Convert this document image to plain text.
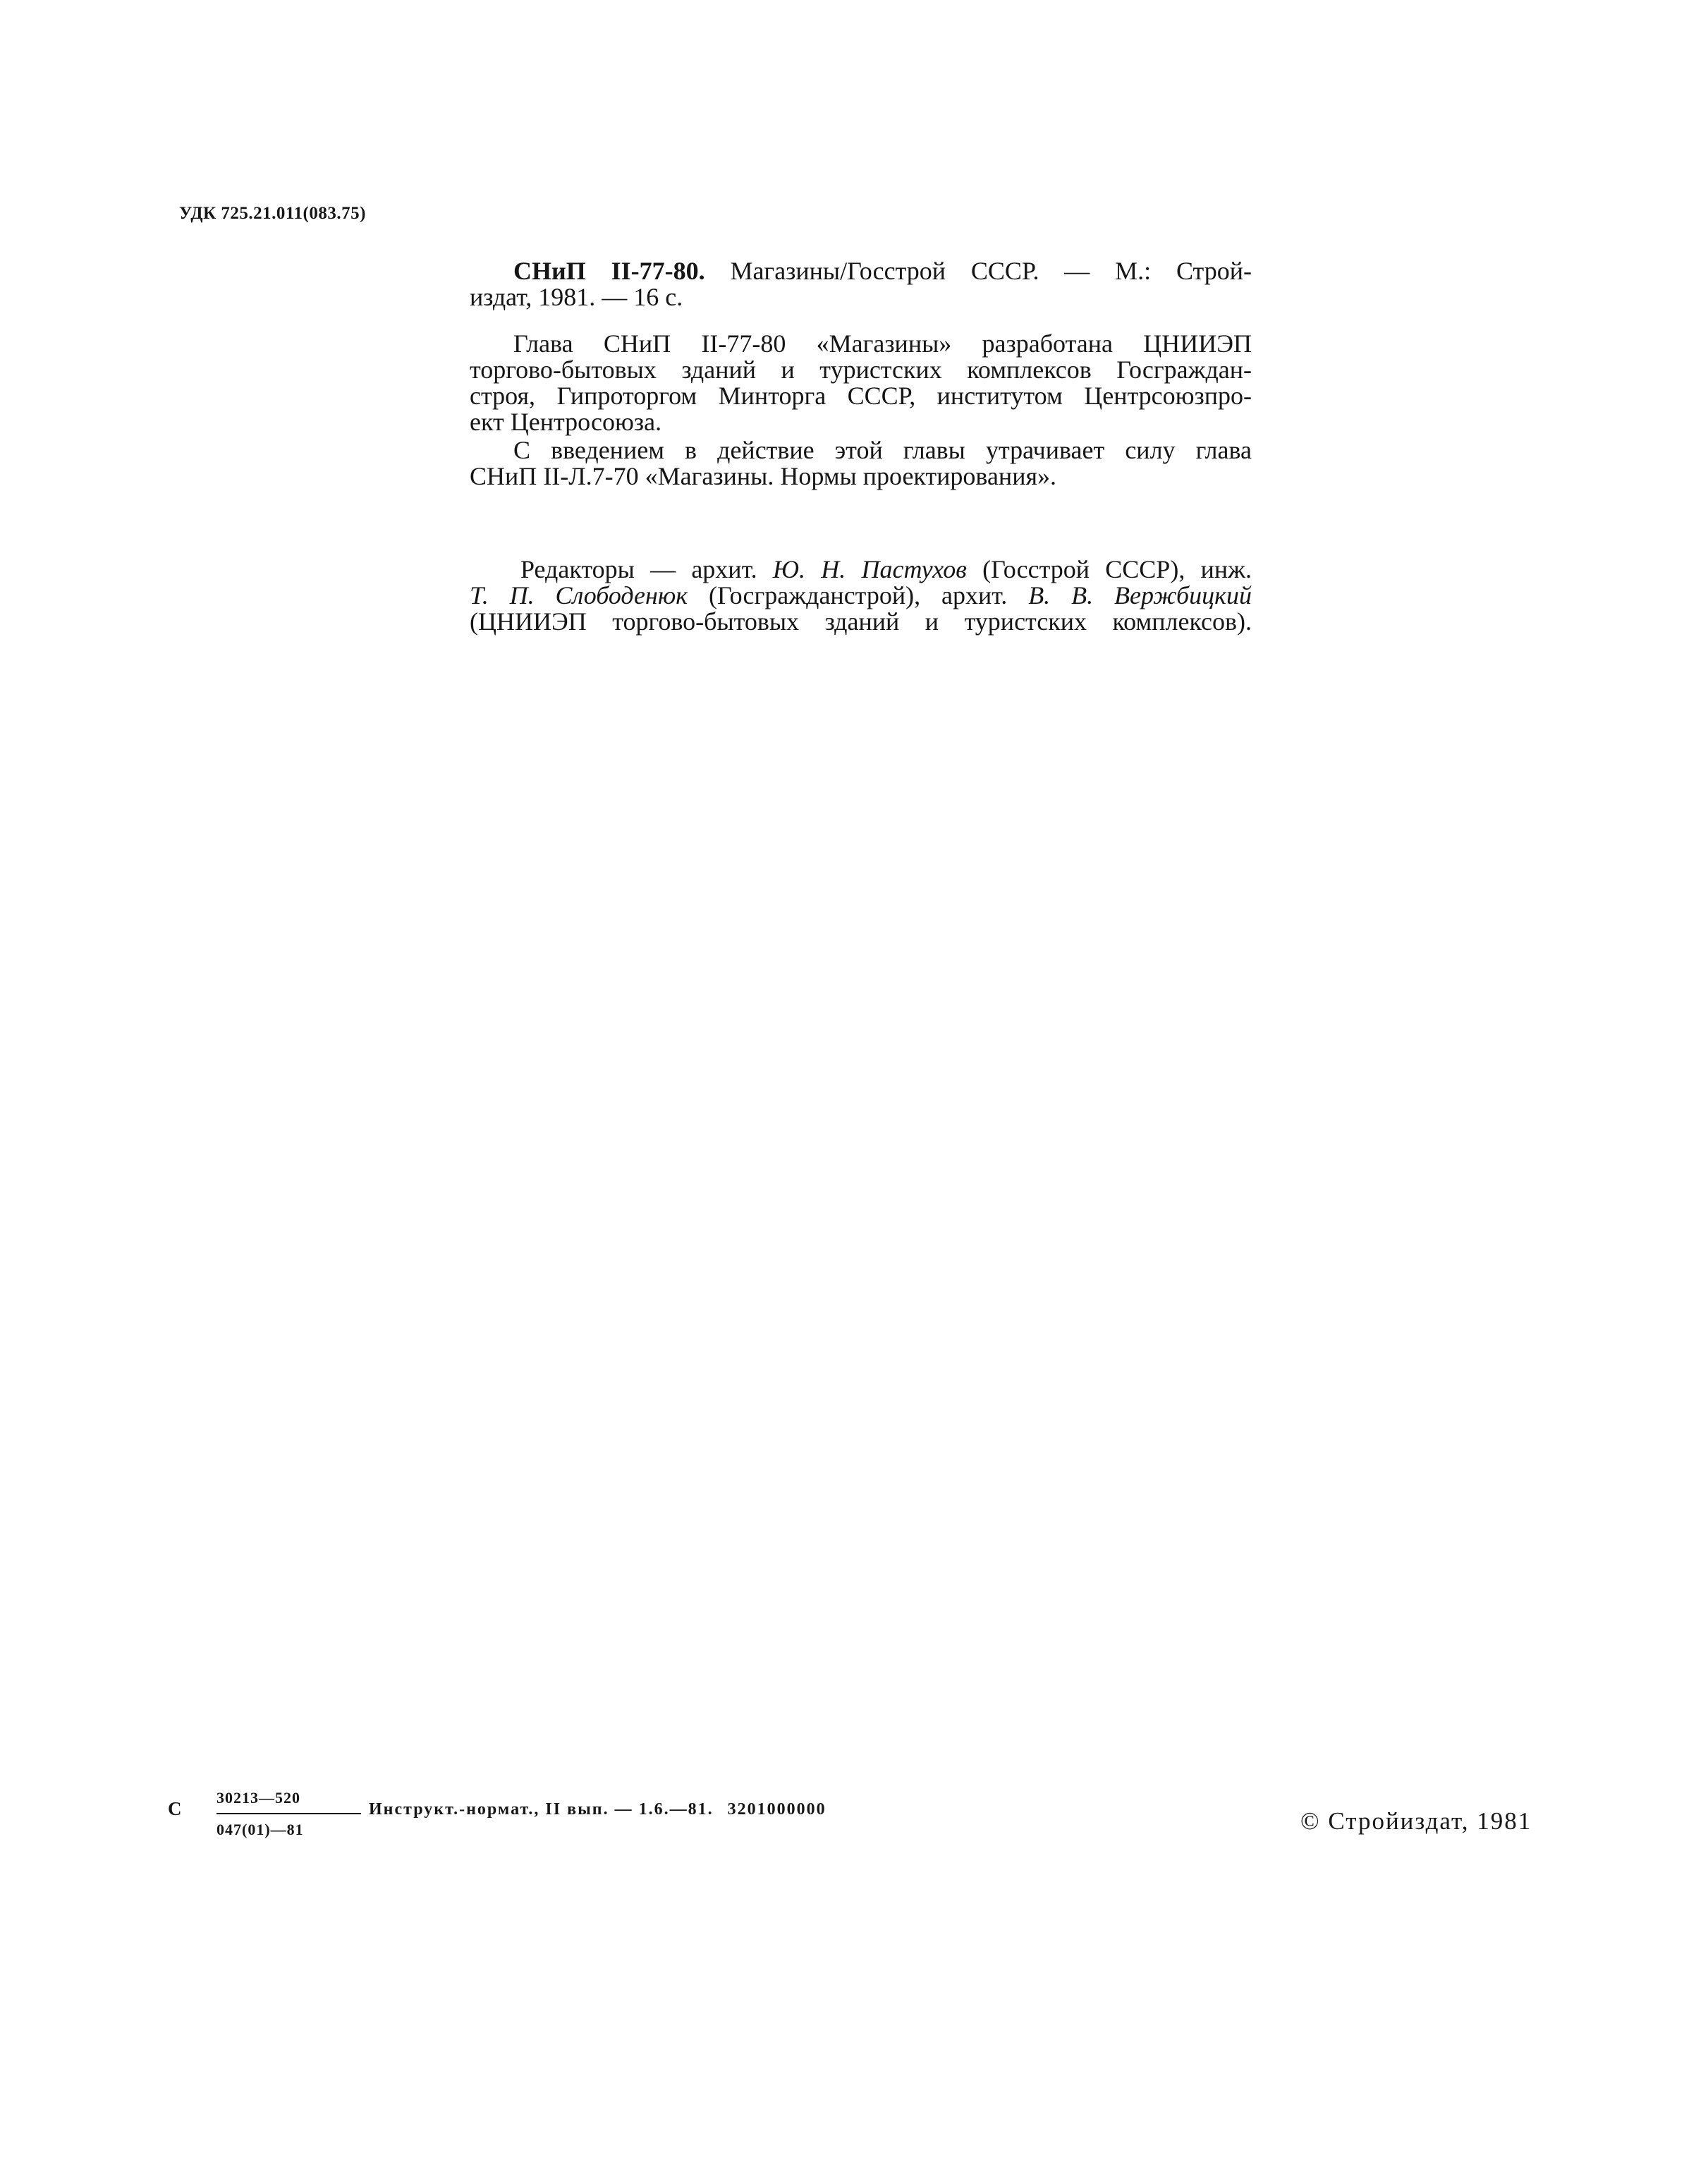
УДК 725.21.011(083.75)
СНиП II-77-80. Магазины/Госстрой СССР. — М.: Строй-
издат, 1981. — 16 с.
Глава СНиП II-77-80 «Магазины» разработана ЦНИИЭП
торгово-бытовых зданий и туристских комплексов Госграждан-
строя, Гипроторгом Минторга СССР, институтом Центрсоюзпро-
ект Центросоюза.
С введением в действие этой главы утрачивает силу глава
СНиП II-Л.7-70 «Магазины. Нормы проектирования».
Редакторы — архит. Ю. Н. Пастухов (Госстрой СССР), инж.
Т. П. Слободенюк (Госгражданстрой), архит. В. В. Вержбицкий
(ЦНИИЭП торгово-бытовых зданий и туристских комплексов).
С
30213—520
047(01)—81
Инструкт.-нормат., II вып. — 1.6.—81. 3201000000	© Стройиздат, 1981
